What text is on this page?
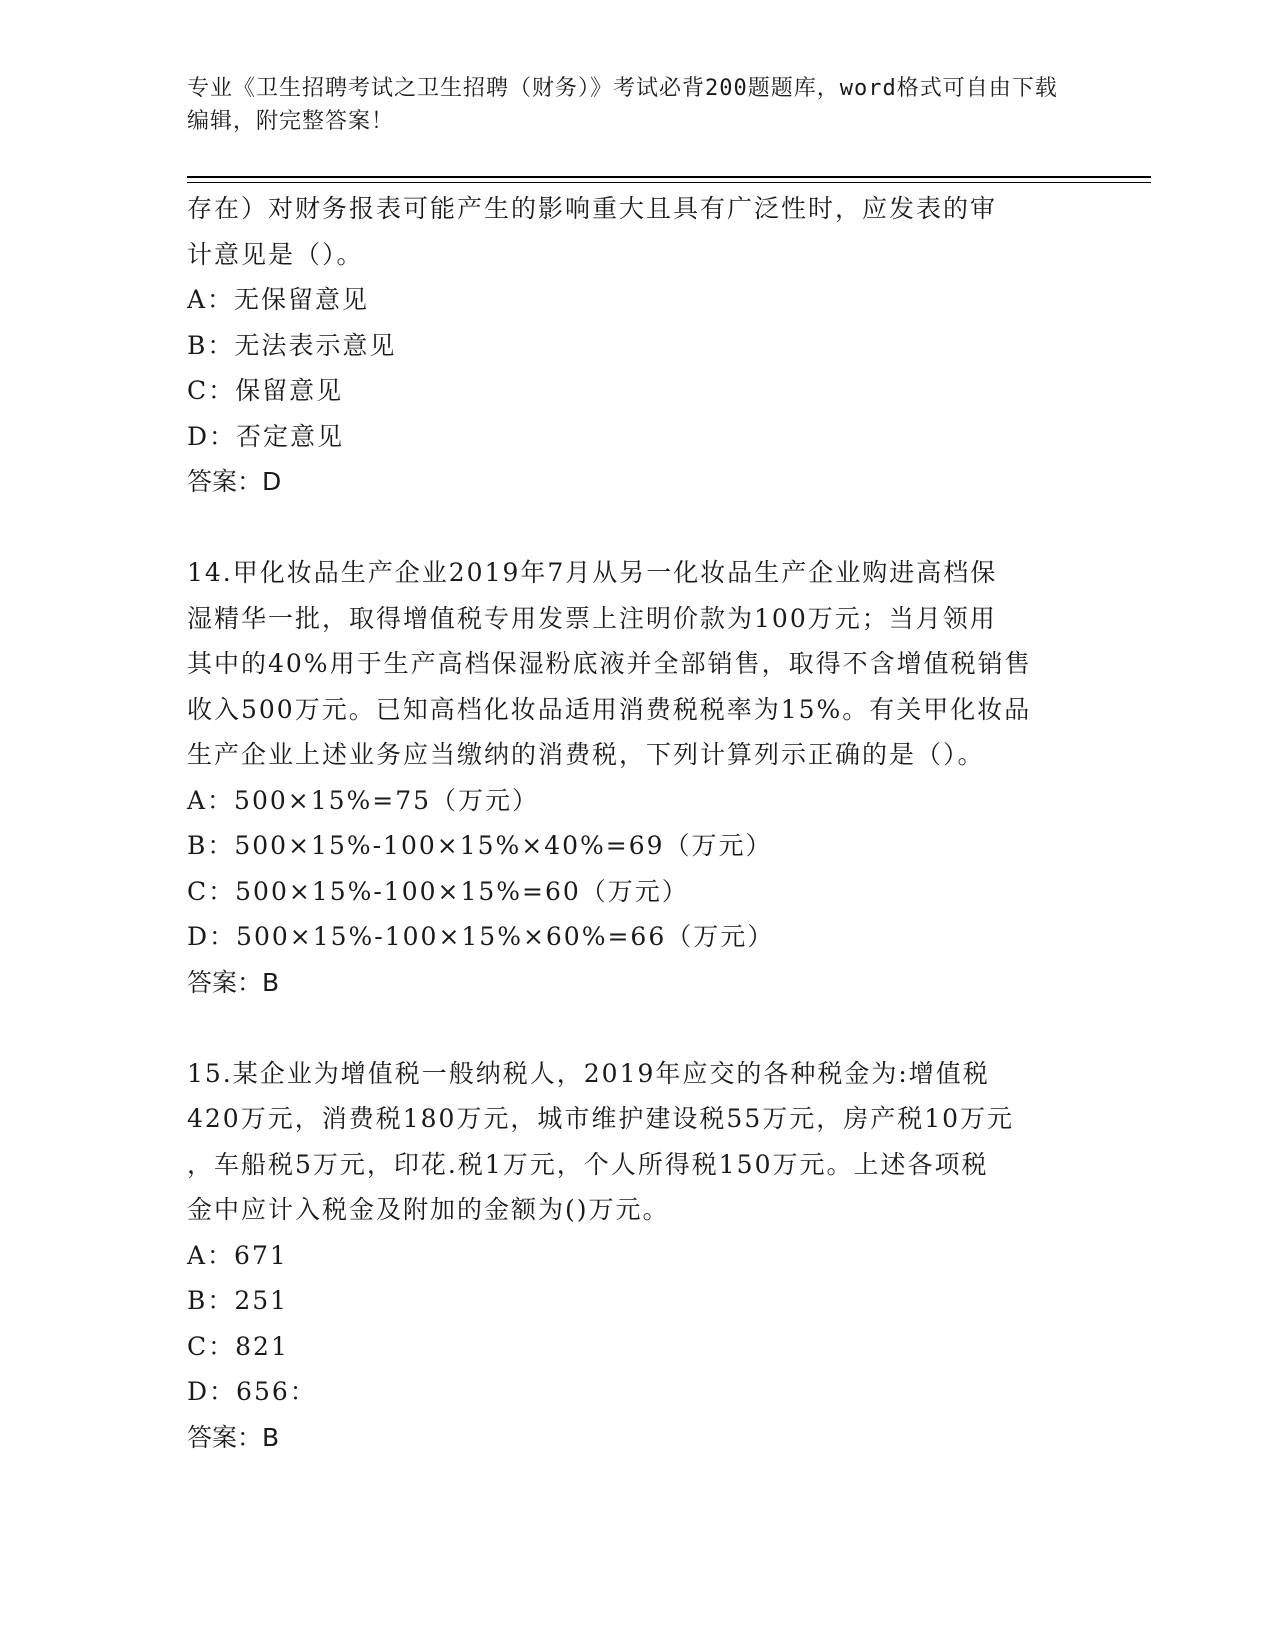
专业《卫生招聘考试之卫生招聘（财务）》考试必背200题题库，word格式可自由下载编辑，附完整答案！
存在）对财务报表可能产生的影响重大且具有广泛性时，应发表的审
计意见是（）。
A：无保留意见
B：无法表示意见
C：保留意见
D：否定意见
答案：D
14.甲化妆品生产企业2019年7月从另一化妆品生产企业购进高档保
湿精华一批，取得增值税专用发票上注明价款为100万元；当月领用
其中的40%用于生产高档保湿粉底液并全部销售，取得不含增值税销售
收入500万元。已知高档化妆品适用消费税税率为15%。有关甲化妆品
生产企业上述业务应当缴纳的消费税，下列计算列示正确的是（）。
A：500×15%=75（万元）
B：500×15%-100×15%×40%=69（万元）
C：500×15%-100×15%=60（万元）
D：500×15%-100×15%×60%=66（万元）
答案：B
15.某企业为增值税一般纳税人，2019年应交的各种税金为:增值税
420万元，消费税180万元，城市维护建设税55万元，房产税10万元
，车船税5万元，印花.税1万元，个人所得税150万元。上述各项税
金中应计入税金及附加的金额为()万元。
A：671
B：251
C：821
D：656：
答案：B
